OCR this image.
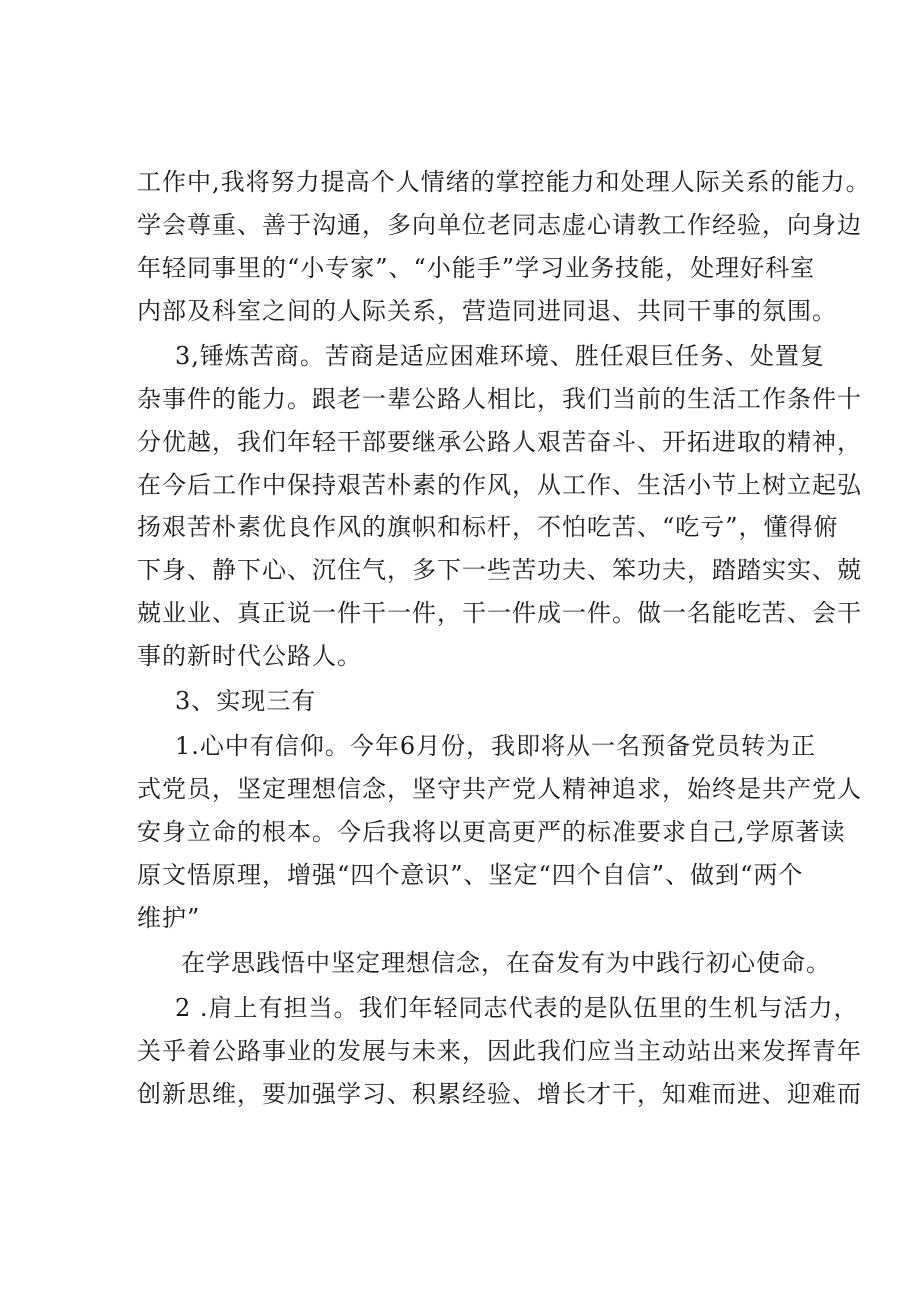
工作中,我将努力提高个人情绪的掌控能力和处理人际关系的能力。
学会尊重、善于沟通，多向单位老同志虚心请教工作经验，向身边
年轻同事里的“小专家”、“小能手”学习业务技能，处理好科室
内部及科室之间的人际关系，营造同进同退、共同干事的氛围。
3,锤炼苦商。苦商是适应困难环境、胜任艰巨任务、处置复
杂事件的能力。跟老一辈公路人相比，我们当前的生活工作条件十
分优越，我们年轻干部要继承公路人艰苦奋斗、开拓进取的精神，
在今后工作中保持艰苦朴素的作风，从工作、生活小节上树立起弘
扬艰苦朴素优良作风的旗帜和标杆，不怕吃苦、“吃亏”，懂得俯
下身、静下心、沉住气，多下一些苦功夫、笨功夫，踏踏实实、兢
兢业业、真正说一件干一件，干一件成一件。做一名能吃苦、会干
事的新时代公路人。
3、实现三有
1.心中有信仰。今年6月份，我即将从一名预备党员转为正
式党员，坚定理想信念，坚守共产党人精神追求，始终是共产党人
安身立命的根本。今后我将以更高更严的标准要求自己,学原著读
原文悟原理，增强“四个意识”、坚定“四个自信”、做到“两个
维护”
在学思践悟中坚定理想信念，在奋发有为中践行初心使命。
2 .肩上有担当。我们年轻同志代表的是队伍里的生机与活力，
关乎着公路事业的发展与未来，因此我们应当主动站出来发挥青年
创新思维，要加强学习、积累经验、增长才干，知难而进、迎难而
